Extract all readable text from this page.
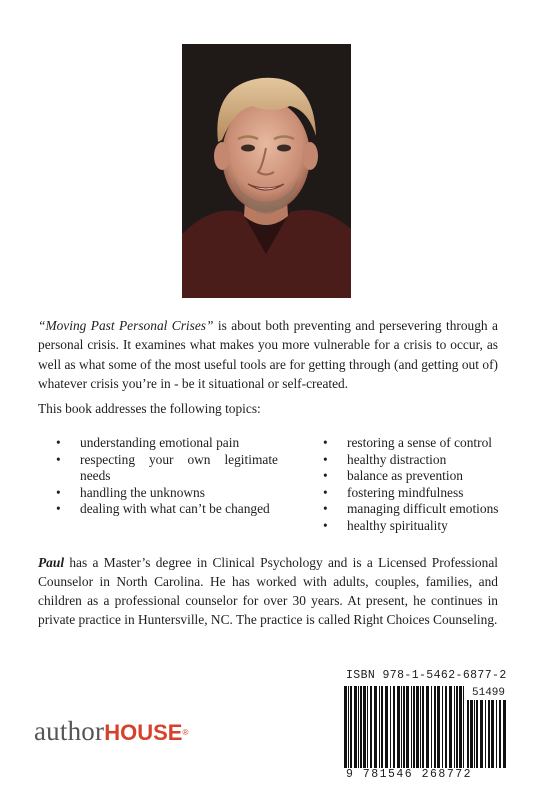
“Moving Past Personal Crises” is about both preventing and persevering through a personal crisis. It examines what makes you more vulnerable for a crisis to occur, as well as what some of the most useful tools are for getting through (and getting out of) whatever crisis you’re in - be it situational or self-created.
This book addresses the following topics:
• understanding emotional pain
• respecting your own legitimate needs
• handling the unknowns
• dealing with what can’t be changed
• restoring a sense of control
• healthy distraction
• balance as prevention
• fostering mindfulness
• managing difficult emotions
• healthy spirituality
Paul has a Master’s degree in Clinical Psychology and is a Licensed Professional Counselor in North Carolina. He has worked with adults, couples, families, and children as a professional counselor for over 30 years. At present, he continues in private practice in Huntersville, NC. The practice is called Right Choices Counseling.
authorHOUSE®
ISBN 978-1-5462-6877-2
51499
9 781546 268772
